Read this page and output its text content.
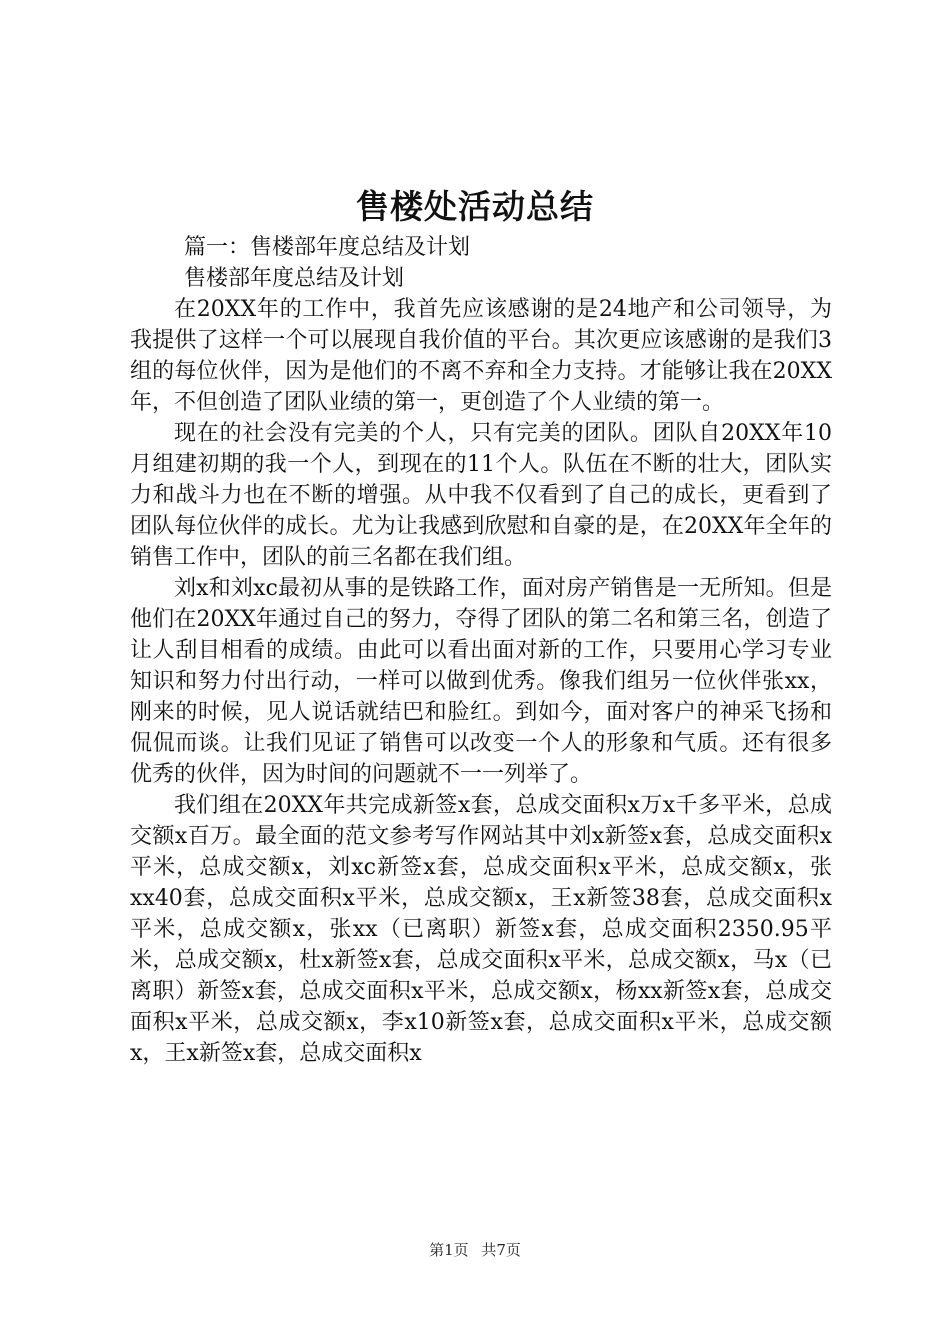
售楼处活动总结

篇一：售楼部年度总结及计划

售楼部年度总结及计划

在20XX年的工作中，我首先应该感谢的是24地产和公司领导，为我提供了这样一个可以展现自我价值的平台。其次更应该感谢的是我们3组的每位伙伴，因为是他们的不离不弃和全力支持。才能够让我在20XX年，不但创造了团队业绩的第一，更创造了个人业绩的第一。

现在的社会没有完美的个人，只有完美的团队。团队自20XX年10月组建初期的我一个人，到现在的11个人。队伍在不断的壮大，团队实力和战斗力也在不断的增强。从中我不仅看到了自己的成长，更看到了团队每位伙伴的成长。尤为让我感到欣慰和自豪的是，在20XX年全年的销售工作中，团队的前三名都在我们组。

刘x和刘xc最初从事的是铁路工作，面对房产销售是一无所知。但是他们在20XX年通过自己的努力，夺得了团队的第二名和第三名，创造了让人刮目相看的成绩。由此可以看出面对新的工作，只要用心学习专业知识和努力付出行动，一样可以做到优秀。像我们组另一位伙伴张xx，刚来的时候，见人说话就结巴和脸红。到如今，面对客户的神采飞扬和侃侃而谈。让我们见证了销售可以改变一个人的形象和气质。还有很多优秀的伙伴，因为时间的问题就不一一列举了。

我们组在20XX年共完成新签x套，总成交面积x万x千多平米，总成交额x百万。最全面的范文参考写作网站其中刘x新签x套，总成交面积x平米，总成交额x，刘xc新签x套，总成交面积x平米，总成交额x，张xx40套，总成交面积x平米，总成交额x，王x新签38套，总成交面积x平米，总成交额x，张xx（已离职）新签x套，总成交面积2350.95平米，总成交额x，杜x新签x套，总成交面积x平米，总成交额x，马x（已离职）新签x套，总成交面积x平米，总成交额x，杨xx新签x套，总成交面积x平米，总成交额x，李x10新签x套，总成交面积x平米，总成交额x，王x新签x套，总成交面积x

第1页 共7页
